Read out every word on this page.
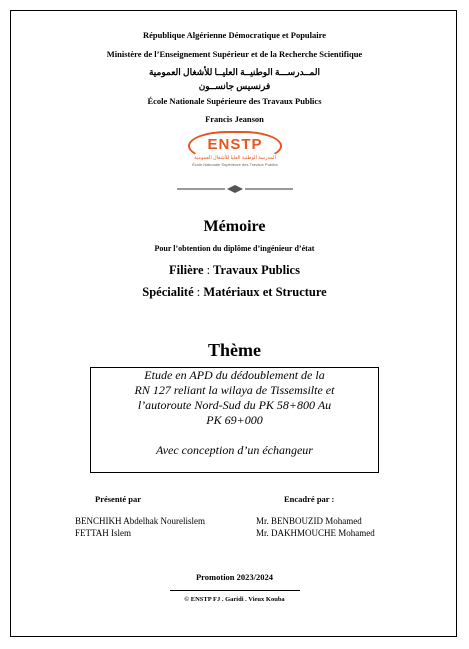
République Algérienne Démocratique et Populaire
Ministère de l’Enseignement Supérieur et de la Recherche Scientifique
المــدرســـة الوطنيــة العليــا للأشغال العمومية
فرنسيس جانســون
École Nationale Supérieure des Travaux Publics
Francis Jeanson
ENSTP
المدرسة الوطنية العليا للأشغال العمومية
École Nationale Supérieure des Travaux Publics
Mémoire
Pour l’obtention du diplôme d’ingénieur d’état
Filière : Travaux Publics
Spécialité : Matériaux et Structure
Thème
Etude en APD du dédoublement de la
RN 127 reliant la wilaya de Tissemsilte et
l’autoroute Nord-Sud du PK 58+800 Au
PK 69+000
Avec conception d’un échangeur
Présenté par	Encadré par :
BENCHIKH Abdelhak Nourelislem
FETTAH Islem
Mr. BENBOUZID Mohamed
Mr. DAKHMOUCHE Mohamed
Promotion 2023/2024
© ENSTP FJ . Garidi . Vieux Kouba
